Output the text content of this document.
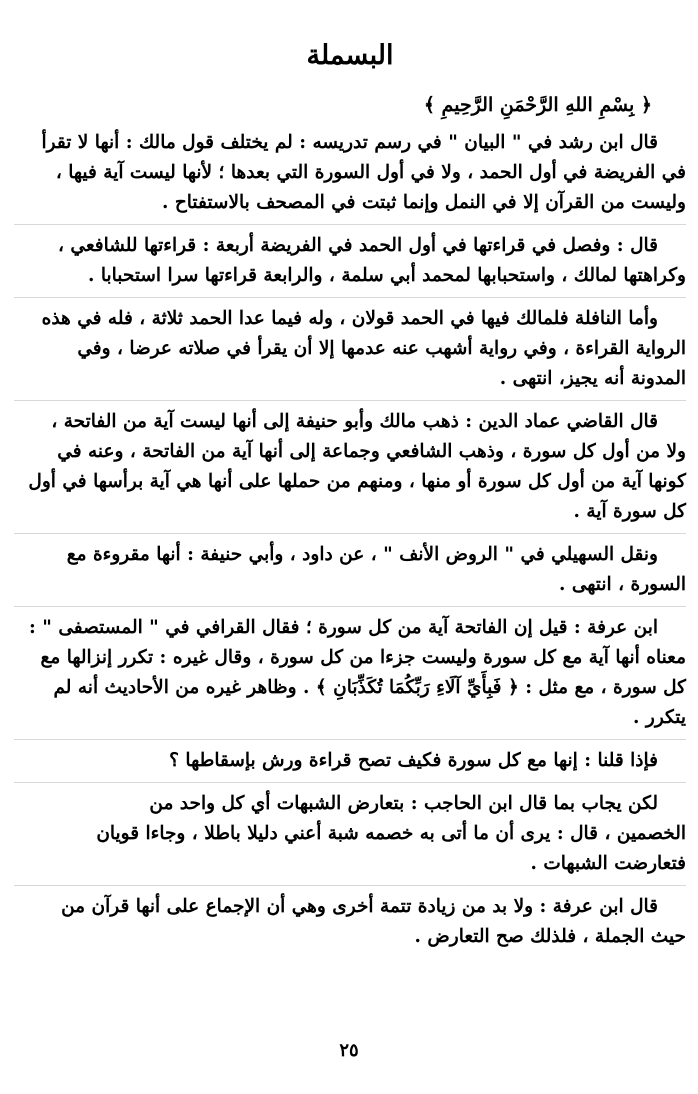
البسملة
﴿ بِسْمِ اللهِ الرَّحْمَنِ الرَّحِيمِ ﴾
قال ابن رشد في " البيان " في رسم تدريسه : لم يختلف قول مالك : أنها لا تقرأ
في الفريضة في أول الحمد ، ولا في أول السورة التي بعدها ؛ لأنها ليست آية فيها ،
وليست من القرآن إلا في النمل وإنما ثبتت في المصحف بالاستفتاح .
قال : وفصل في قراءتها في أول الحمد في الفريضة أربعة : قراءتها للشافعي ،
وكراهتها لمالك ، واستحبابها لمحمد أبي سلمة ، والرابعة قراءتها سرا استحبابا .
وأما النافلة فلمالك فيها في الحمد قولان ، وله فيما عدا الحمد ثلاثة ، فله في هذه
الرواية القراءة ، وفي رواية أشهب عنه عدمها إلا أن يقرأ في صلاته عرضا ، وفي
المدونة أنه يجيز، انتهى .
قال القاضي عماد الدين : ذهب مالك وأبو حنيفة إلى أنها ليست آية من الفاتحة ،
ولا من أول كل سورة ، وذهب الشافعي وجماعة إلى أنها آية من الفاتحة ، وعنه في
كونها آية من أول كل سورة أو منها ، ومنهم من حملها على أنها هي آية برأسها في أول
كل سورة آية .
ونقل السهيلي في " الروض الأنف " ، عن داود ، وأبي حنيفة : أنها مقروءة مع
السورة ، انتهى .
ابن عرفة : قيل إن الفاتحة آية من كل سورة ؛ فقال القرافي في " المستصفى " :
معناه أنها آية مع كل سورة وليست جزءا من كل سورة ، وقال غيره : تكرر إنزالها مع
كل سورة ، مع مثل : ﴿ فَبِأَيِّ آلَاءِ رَبِّكُمَا تُكَذِّبَانِ ﴾ . وظاهر غيره من الأحاديث أنه لم
يتكرر .
فإذا قلنا : إنها مع كل سورة فكيف تصح قراءة ورش بإسقاطها ؟
لكن يجاب بما قال ابن الحاجب : بتعارض الشبهات أي كل واحد من
الخصمين ، قال : يرى أن ما أتى به خصمه شبة أعني دليلا باطلا ، وجاءا قويان
فتعارضت الشبهات .
قال ابن عرفة : ولا بد من زيادة تتمة أخرى وهي أن الإجماع على أنها قرآن من
حيث الجملة ، فلذلك صح التعارض .
٢٥
